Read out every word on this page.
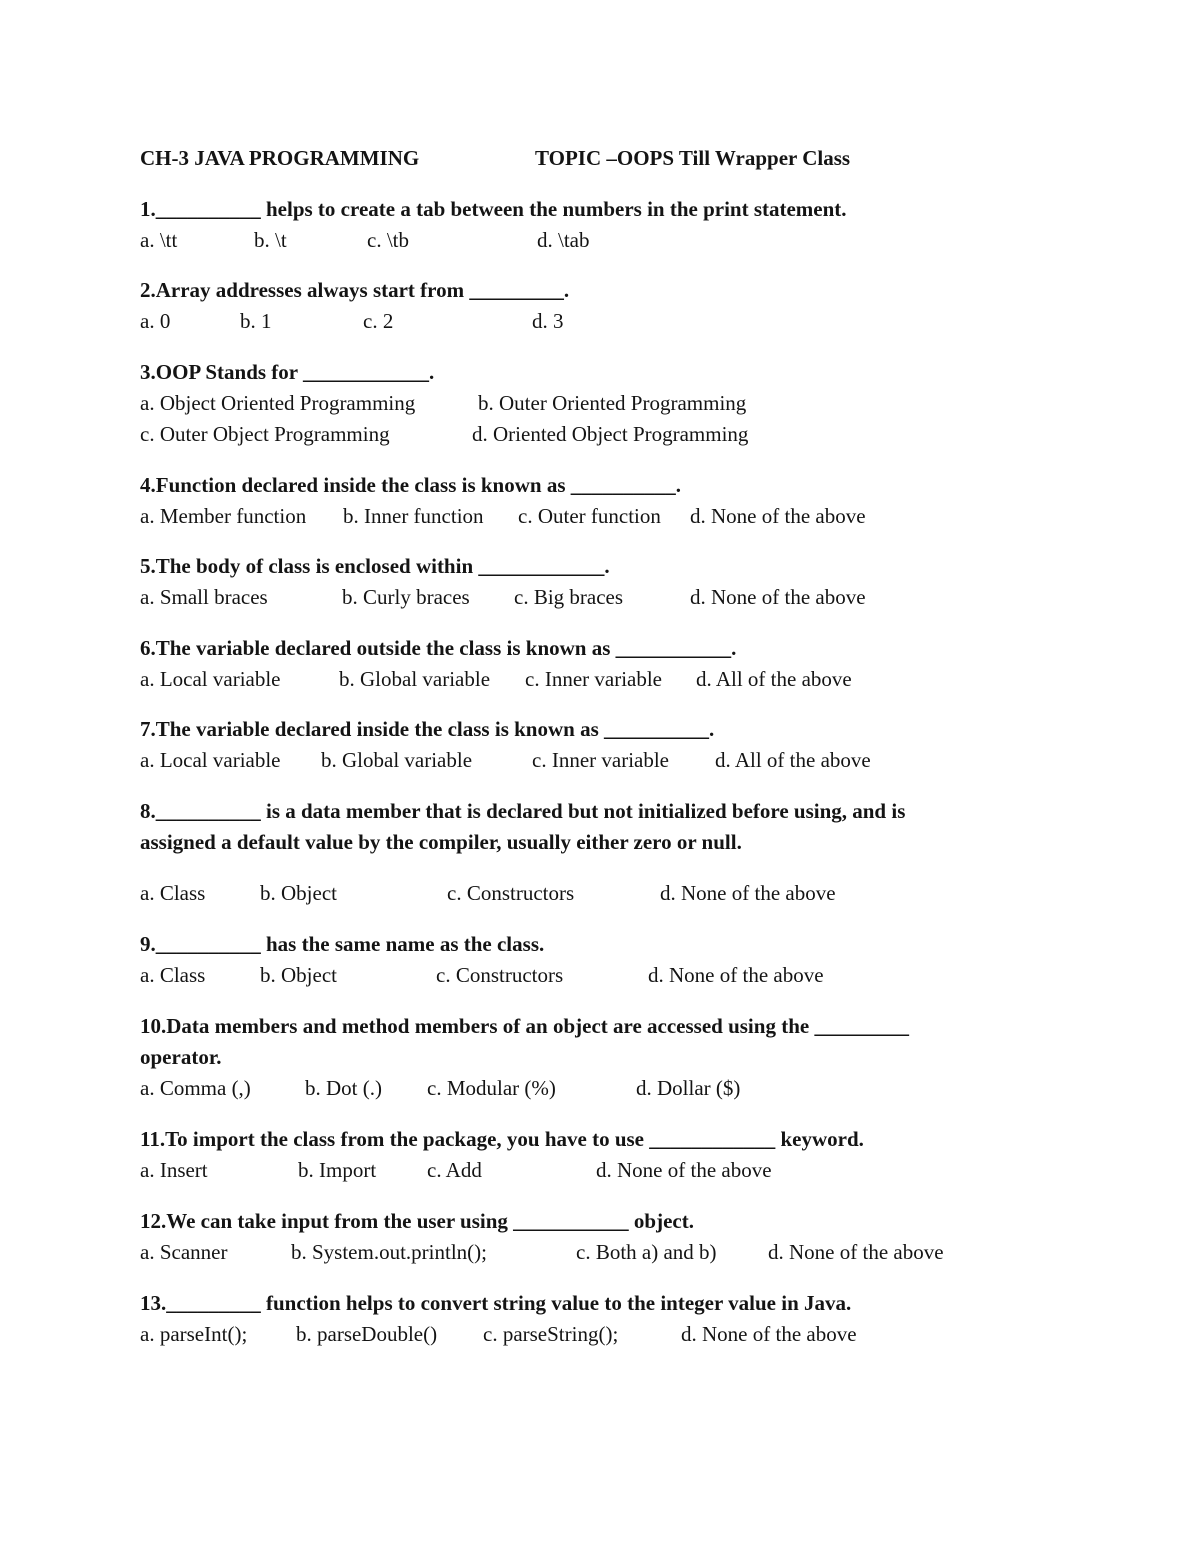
CH-3 JAVA PROGRAMMING	TOPIC –OOPS Till Wrapper Class
1.__________ helps to create a tab between the numbers in the print statement.
a. \tt	b. \t	c. \tb	d. \tab
2.Array addresses always start from _________.
a. 0	b. 1	c. 2	d. 3
3.OOP Stands for ____________.
a. Object Oriented Programming	b. Outer Oriented Programming
c. Outer Object Programming	d. Oriented Object Programming
4.Function declared inside the class is known as __________.
a. Member function b. Inner function c. Outer function d. None of the above
5.The body of class is enclosed within ____________.
a. Small braces	b. Curly braces c. Big braces	d. None of the above
6.The variable declared outside the class is known as ___________.
a. Local variable	b. Global variable c. Inner variable d. All of the above
7.The variable declared inside the class is known as __________.
a. Local variable b. Global variable	c. Inner variable d. All of the above
8.__________ is a data member that is declared but not initialized before using, and is
assigned a default value by the compiler, usually either zero or null.
a. Class	b. Object	c. Constructors	d. None of the above
9.__________ has the same name as the class.
a. Class	b. Object	c. Constructors	d. None of the above
10.Data members and method members of an object are accessed using the _________
operator.
a. Comma (,)	b. Dot (.) c. Modular (%)	d. Dollar ($)
11.To import the class from the package, you have to use ____________ keyword.
a. Insert	b. Import c. Add	d. None of the above
12.We can take input from the user using ___________ object.
a. Scanner	b. System.out.println();	c. Both a) and b) d. None of the above
13._________ function helps to convert string value to the integer value in Java.
a. parseInt(); b. parseDouble() c. parseString();	d. None of the above
